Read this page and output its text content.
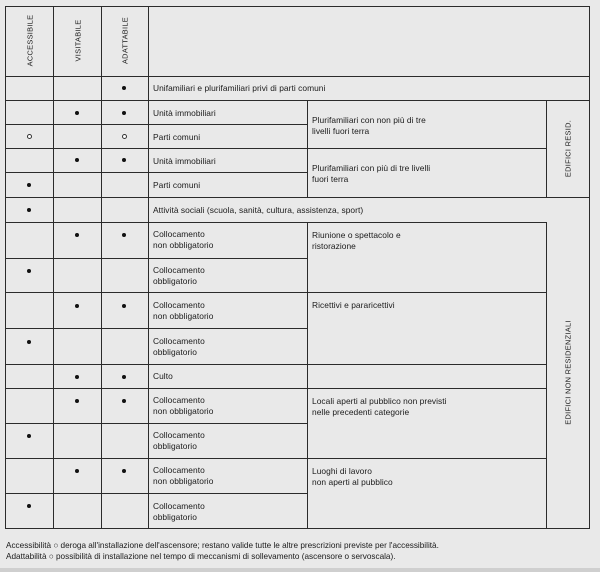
ACCESSIBILE	VISITABILE	ADATTABILE
EDIFICI RESID.
EDIFICI NON RESIDENZIALI
Unifamiliari e plurifamiliari privi di parti comuni
Unità immobiliari
Parti comuni
Unità immobiliari
Parti comuni
Attività sociali (scuola, sanità, cultura, assistenza, sport)
Collocamento
non obbligatorio
Collocamento
obbligatorio
Collocamento
non obbligatorio
Collocamento
obbligatorio
Culto
Collocamento
non obbligatorio
Collocamento
obbligatorio
Collocamento
non obbligatorio
Collocamento
obbligatorio
Plurifamiliari con non più di tre
livelli fuori terra
Plurifamiliari con più di tre livelli
fuori terra
Riunione o spettacolo e
ristorazione
Ricettivi e pararicettivi
Locali aperti al pubblico non previsti
nelle precedenti categorie
Luoghi di lavoro
non aperti al pubblico
Accessibilità ○ deroga all'installazione dell'ascensore; restano valide tutte le altre prescrizioni previste per l'accessibilità.
Adattabilità ○ possibilità di installazione nel tempo di meccanismi di sollevamento (ascensore o servoscala).
